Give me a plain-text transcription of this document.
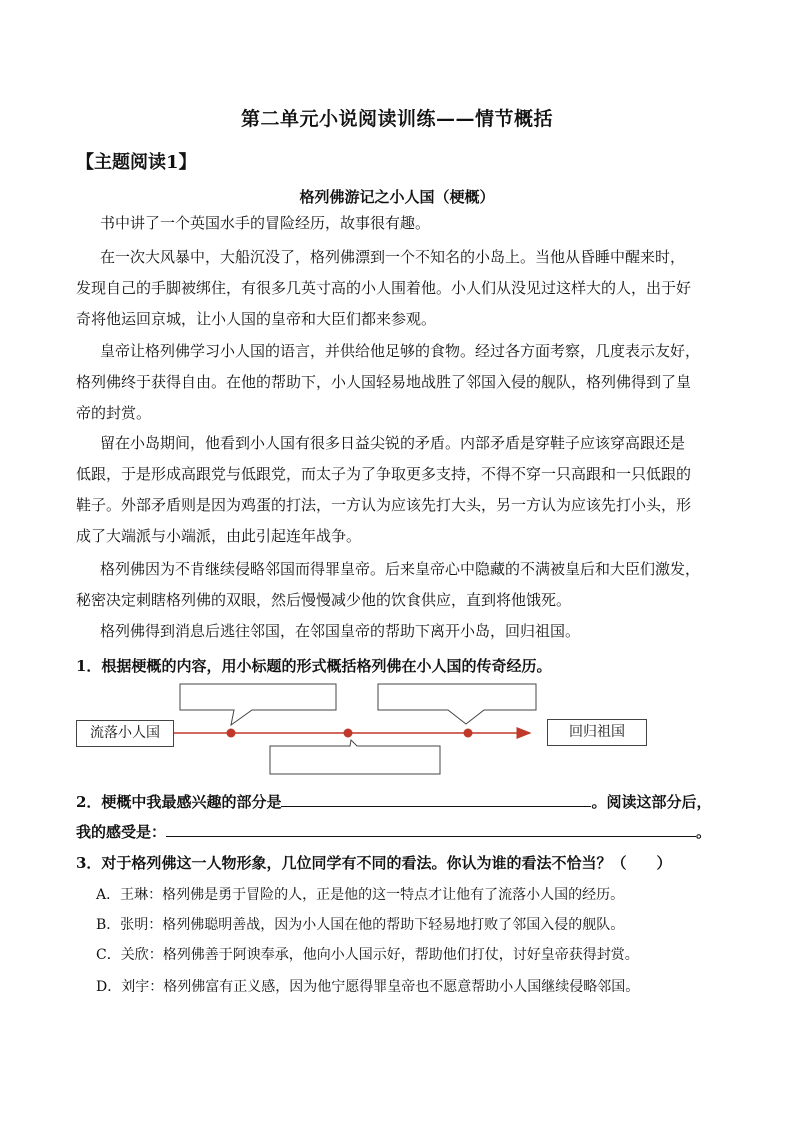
第二单元小说阅读训练——情节概括
【主题阅读1】
格列佛游记之小人国（梗概）
书中讲了一个英国水手的冒险经历，故事很有趣。
在一次大风暴中，大船沉没了，格列佛漂到一个不知名的小岛上。当他从昏睡中醒来时，
发现自己的手脚被绑住，有很多几英寸高的小人围着他。小人们从没见过这样大的人，出于好
奇将他运回京城，让小人国的皇帝和大臣们都来参观。
皇帝让格列佛学习小人国的语言，并供给他足够的食物。经过各方面考察，几度表示友好，
格列佛终于获得自由。在他的帮助下，小人国轻易地战胜了邻国入侵的舰队，格列佛得到了皇
帝的封赏。
留在小岛期间，他看到小人国有很多日益尖锐的矛盾。内部矛盾是穿鞋子应该穿高跟还是
低跟，于是形成高跟党与低跟党，而太子为了争取更多支持，不得不穿一只高跟和一只低跟的
鞋子。外部矛盾则是因为鸡蛋的打法，一方认为应该先打大头，另一方认为应该先打小头，形
成了大端派与小端派，由此引起连年战争。
格列佛因为不肯继续侵略邻国而得罪皇帝。后来皇帝心中隐藏的不满被皇后和大臣们激发，
秘密决定刺瞎格列佛的双眼，然后慢慢减少他的饮食供应，直到将他饿死。
格列佛得到消息后逃往邻国，在邻国皇帝的帮助下离开小岛，回归祖国。
1．根据梗概的内容，用小标题的形式概括格列佛在小人国的传奇经历。
流落小人国	回归祖国
2．梗概中我最感兴趣的部分是	。阅读这部分后，
我的感受是：	。
3．对于格列佛这一人物形象，几位同学有不同的看法。你认为谁的看法不恰当？（　　）
A．王琳：格列佛是勇于冒险的人，正是他的这一特点才让他有了流落小人国的经历。
B．张明：格列佛聪明善战，因为小人国在他的帮助下轻易地打败了邻国入侵的舰队。
C．关欣：格列佛善于阿谀奉承，他向小人国示好，帮助他们打仗，讨好皇帝获得封赏。
D．刘宇：格列佛富有正义感，因为他宁愿得罪皇帝也不愿意帮助小人国继续侵略邻国。
